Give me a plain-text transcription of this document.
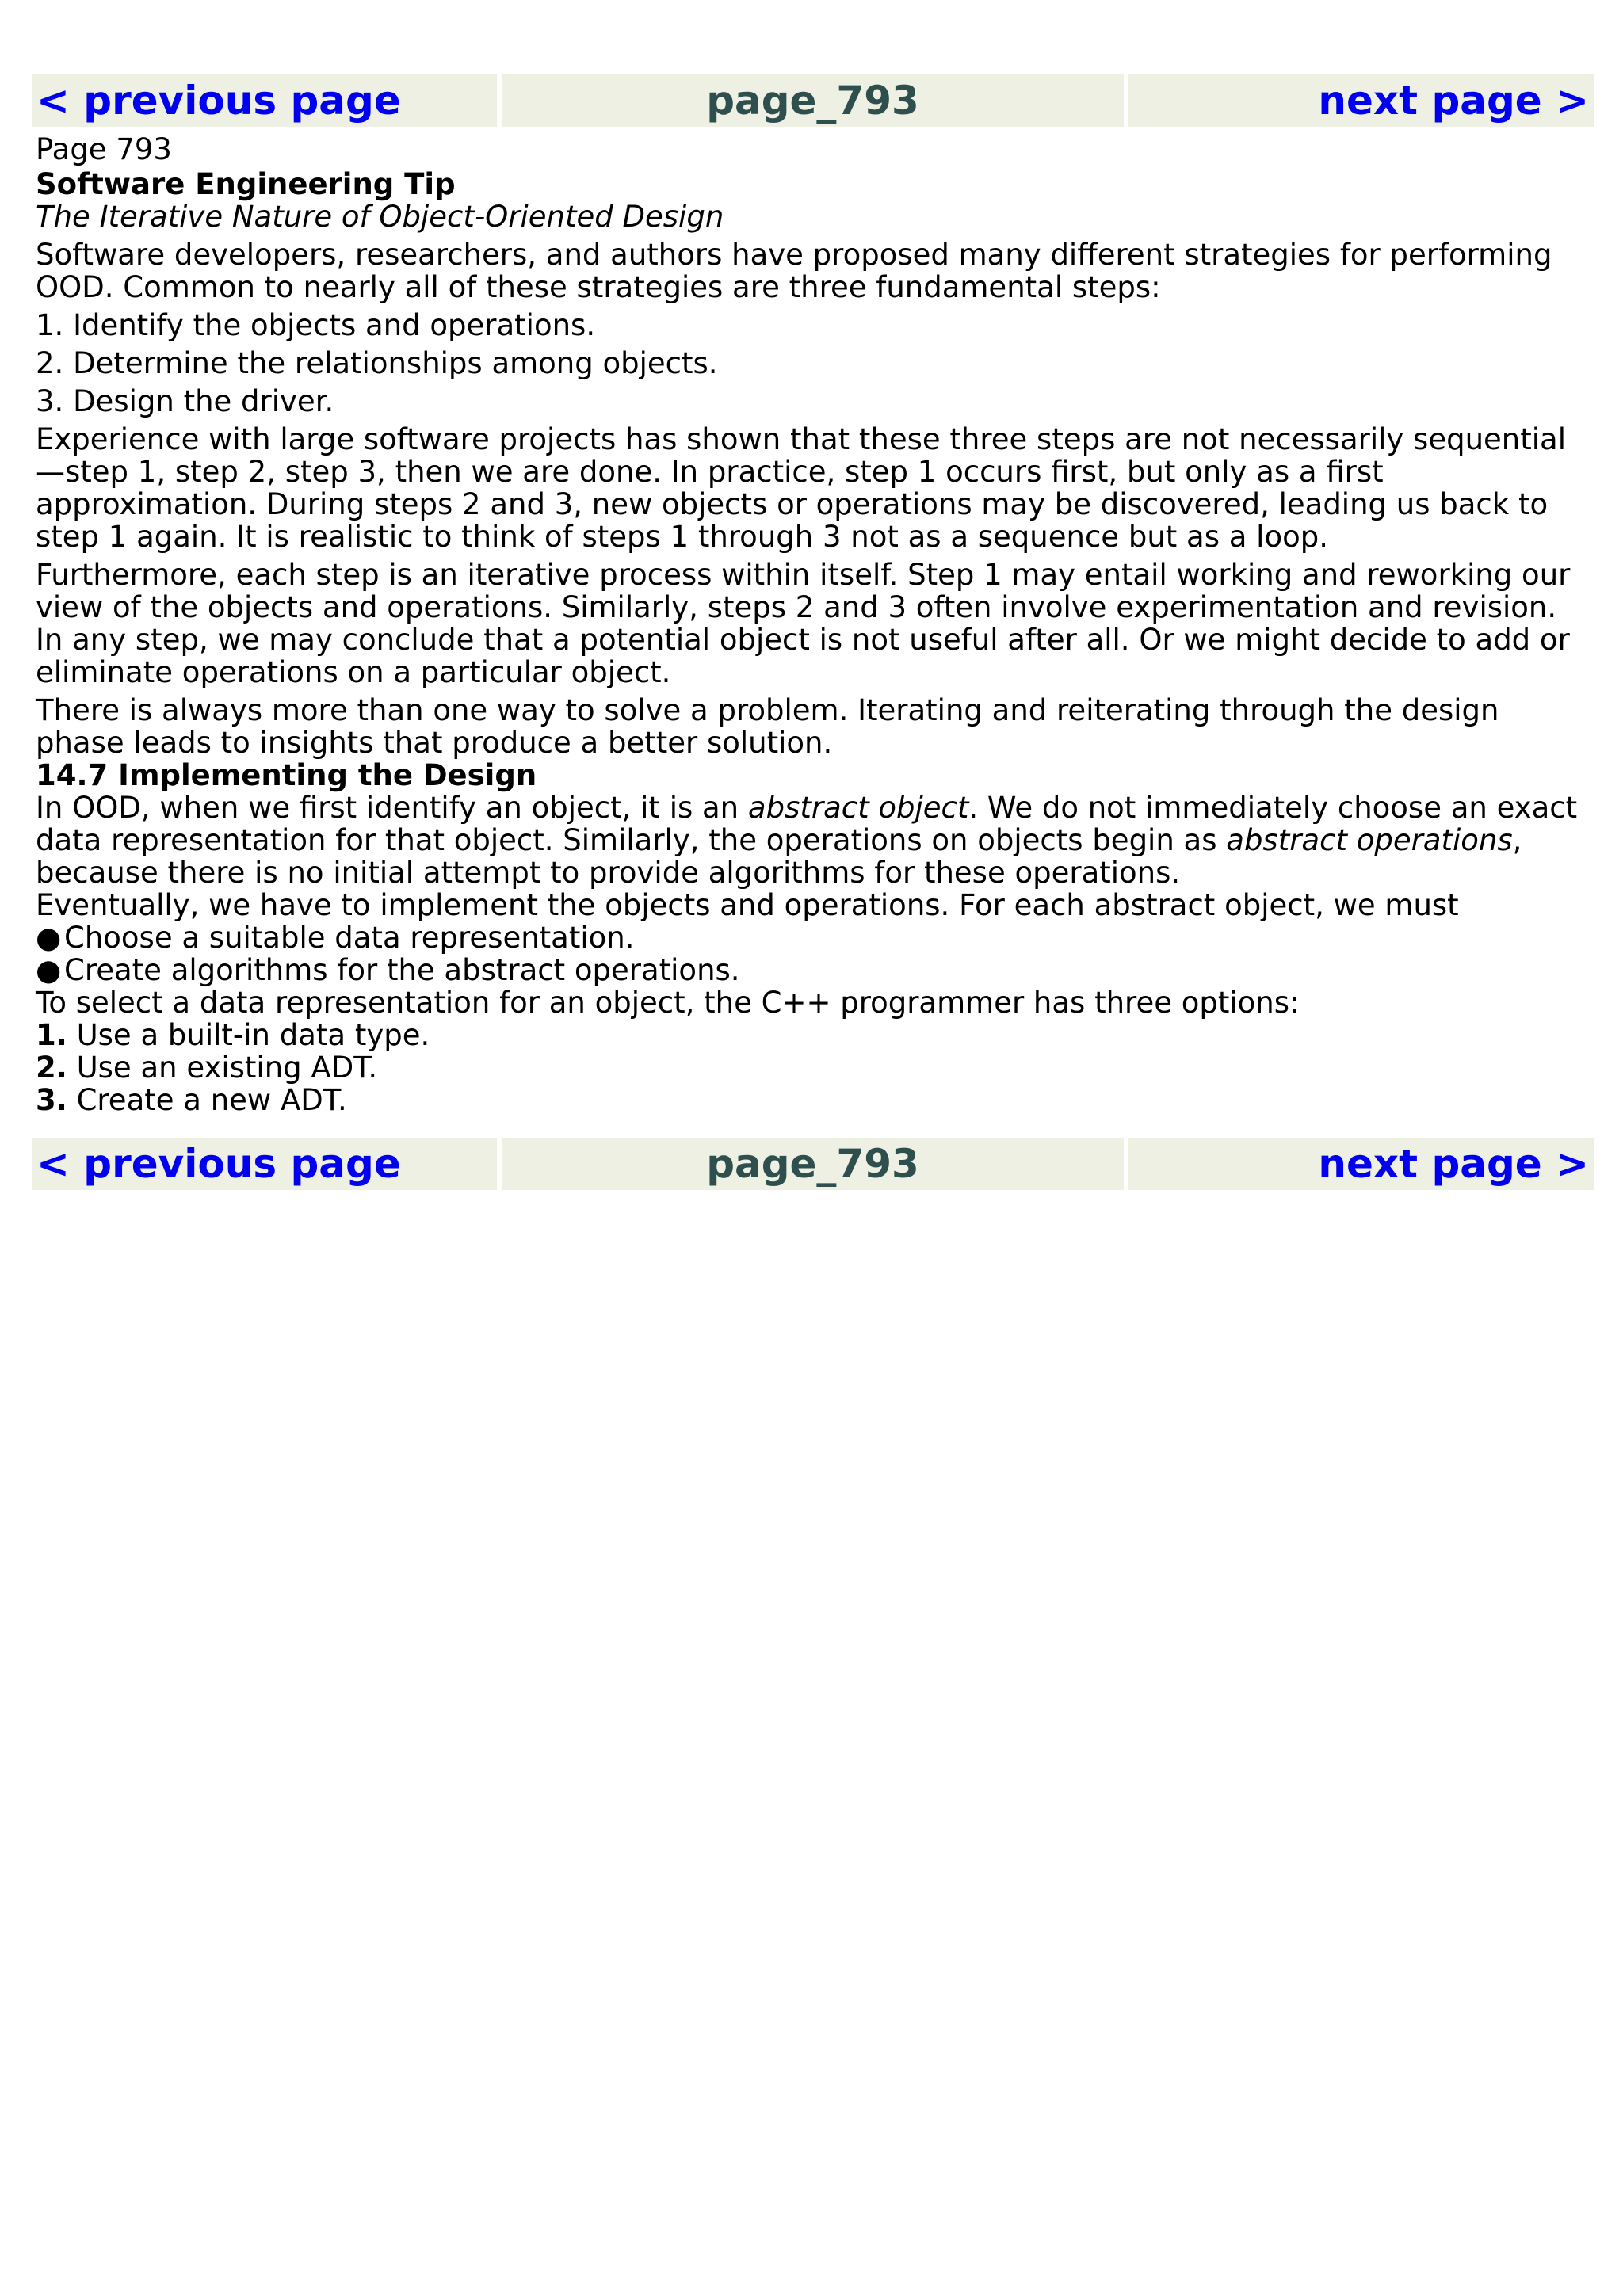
< previous page	page_793	next page >
Page 793
Software Engineering Tip
The Iterative Nature of Object-Oriented Design

Software developers, researchers, and authors have proposed many different strategies for performing OOD. Common to nearly all of these strategies are three fundamental steps:

1. Identify the objects and operations.

2. Determine the relationships among objects.

3. Design the driver.

Experience with large software projects has shown that these three steps are not necessarily sequential—step 1, step 2, step 3, then we are done. In practice, step 1 occurs first, but only as a first approximation. During steps 2 and 3, new objects or operations may be discovered, leading us back to step 1 again. It is realistic to think of steps 1 through 3 not as a sequence but as a loop.

Furthermore, each step is an iterative process within itself. Step 1 may entail working and reworking our view of the objects and operations. Similarly, steps 2 and 3 often involve experimentation and revision. In any step, we may conclude that a potential object is not useful after all. Or we might decide to add or eliminate operations on a particular object.

There is always more than one way to solve a problem. Iterating and reiterating through the design phase leads to insights that produce a better solution.

14.7 Implementing the Design

In OOD, when we first identify an object, it is an abstract object. We do not immediately choose an exact data representation for that object. Similarly, the operations on objects begin as abstract operations, because there is no initial attempt to provide algorithms for these operations.

Eventually, we have to implement the objects and operations. For each abstract object, we must

● Choose a suitable data representation.
● Create algorithms for the abstract operations.

To select a data representation for an object, the C++ programmer has three options:

1. Use a built-in data type.
2. Use an existing ADT.
3. Create a new ADT.
< previous page	page_793	next page >
